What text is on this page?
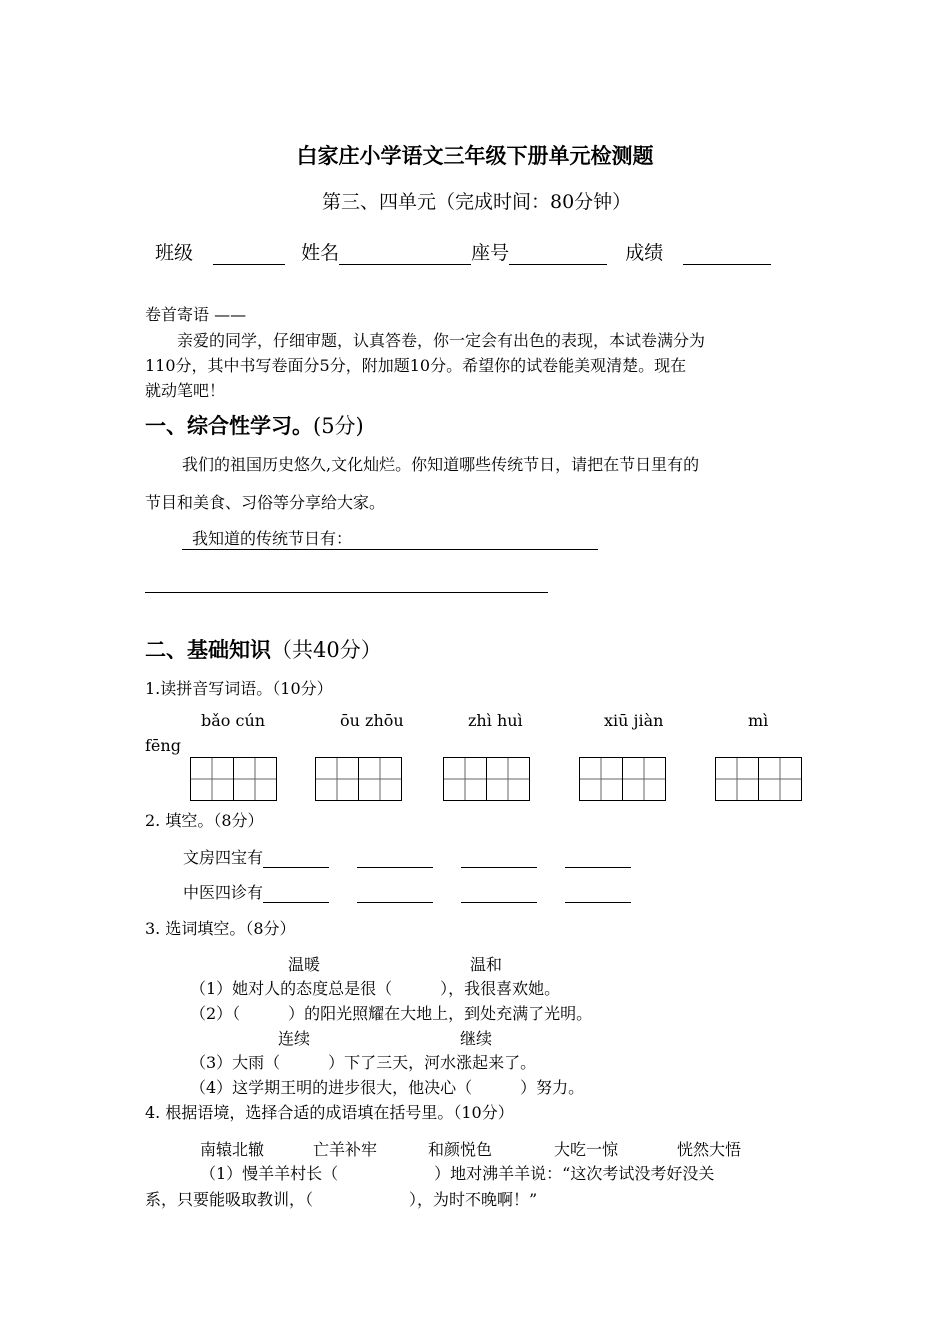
白家庄小学语文三年级下册单元检测题
第三、四单元（完成时间：80分钟）
班级	姓名	座号	成绩
卷首寄语 ——
亲爱的同学，仔细审题，认真答卷，你一定会有出色的表现，本试卷满分为
110分，其中书写卷面分5分，附加题10分。希望你的试卷能美观清楚。现在
就动笔吧！
一、综合性学习。(5分)
我们的祖国历史悠久,文化灿烂。你知道哪些传统节日，请把在节日里有的
节目和美食、习俗等分享给大家。
我知道的传统节日有：
二、基础知识（共40分）
1.读拼音写词语。（10分）
bǎo cún	ōu zhōu	zhì huì	xiū jiàn	mì
fēng
2. 填空。（8分）
文房四宝有
中医四诊有
3. 选词填空。（8分）
温暖	温和
（1）她对人的态度总是很（　　　），我很喜欢她。
（2）（　　　）的阳光照耀在大地上，到处充满了光明。
连续	继续
（3）大雨（　　　）下了三天，河水涨起来了。
（4）这学期王明的进步很大，他决心（　　　）努力。
4. 根据语境，选择合适的成语填在括号里。（10分）
南辕北辙	亡羊补牢	和颜悦色	大吃一惊	恍然大悟
（1）慢羊羊村长（　　　　　　）地对沸羊羊说：“这次考试没考好没关
系，只要能吸取教训，（　　　　　　），为时不晚啊！”
